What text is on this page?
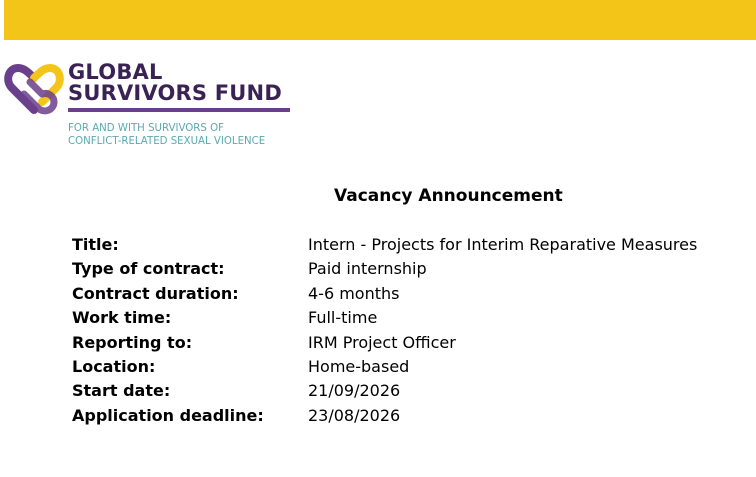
GLOBAL
SURVIVORS FUND
FOR AND WITH SURVIVORS OF
CONFLICT-RELATED SEXUAL VIOLENCE
Vacancy Announcement
Title:	Intern - Projects for Interim Reparative Measures
Type of contract:	Paid internship
Contract duration:	4-6 months
Work time:	Full-time
Reporting to:	IRM Project Officer
Location:	Home-based
Start date:	21/09/2026
Application deadline:	23/08/2026
